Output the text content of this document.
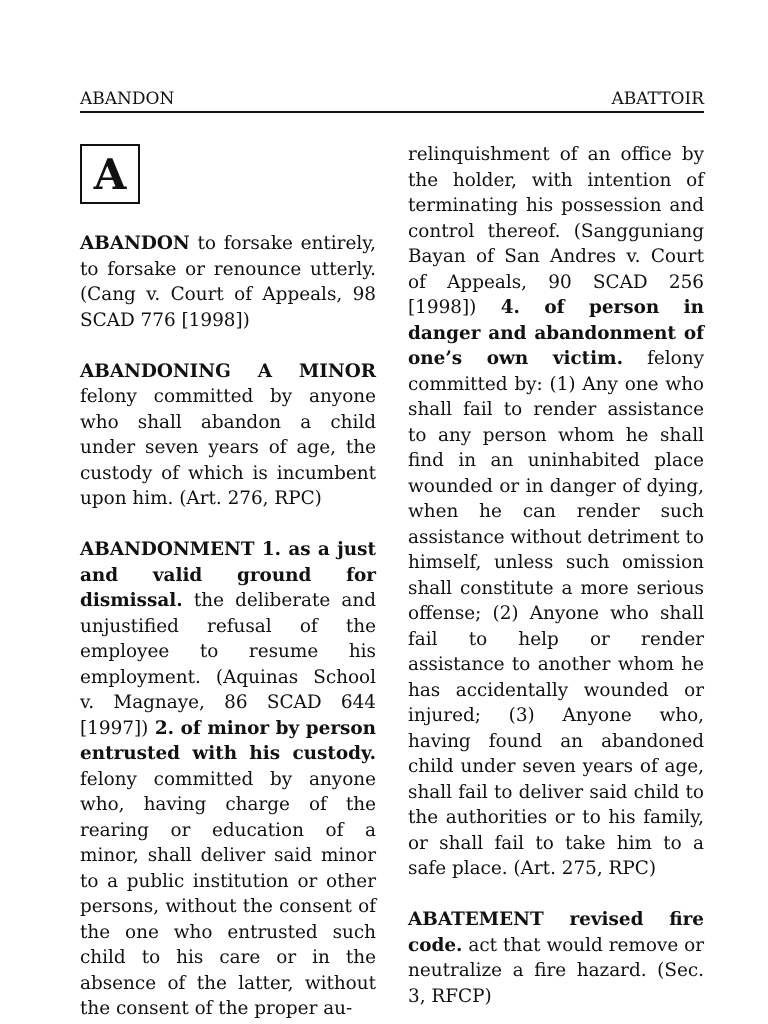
ABANDON	ABATTOIR
A

ABANDON to forsake entirely, to forsake or renounce utterly. (Cang v. Court of Appeals, 98 SCAD 776 [1998])

ABANDONING A MINOR felony committed by anyone who shall abandon a child under seven years of age, the custody of which is incumbent upon him. (Art. 276, RPC)

ABANDONMENT 1. as a just and valid ground for dismissal. the deliberate and unjustified refusal of the employee to resume his employment. (Aquinas School v. Magnaye, 86 SCAD 644 [1997]) 2. of minor by person entrusted with his custody. felony committed by anyone who, having charge of the rearing or education of a minor, shall deliver said minor to a public institution or other persons, without the consent of the one who entrusted such child to his care or in the absence of the latter, without the consent of the proper au-

relinquishment of an office by the holder, with intention of terminating his possession and control thereof. (Sangguniang Bayan of San Andres v. Court of Appeals, 90 SCAD 256 [1998]) 4. of person in danger and abandonment of one’s own victim. felony committed by: (1) Any one who shall fail to render assistance to any person whom he shall find in an uninhabited place wounded or in danger of dying, when he can render such assistance without detriment to himself, unless such omission shall constitute a more serious offense; (2) Anyone who shall fail to help or render assistance to another whom he has accidentally wounded or injured; (3) Anyone who, having found an abandoned child under seven years of age, shall fail to deliver said child to the authorities or to his family, or shall fail to take him to a safe place. (Art. 275, RPC)

ABATEMENT revised fire code. act that would remove or neutralize a fire hazard. (Sec. 3, RFCP)
